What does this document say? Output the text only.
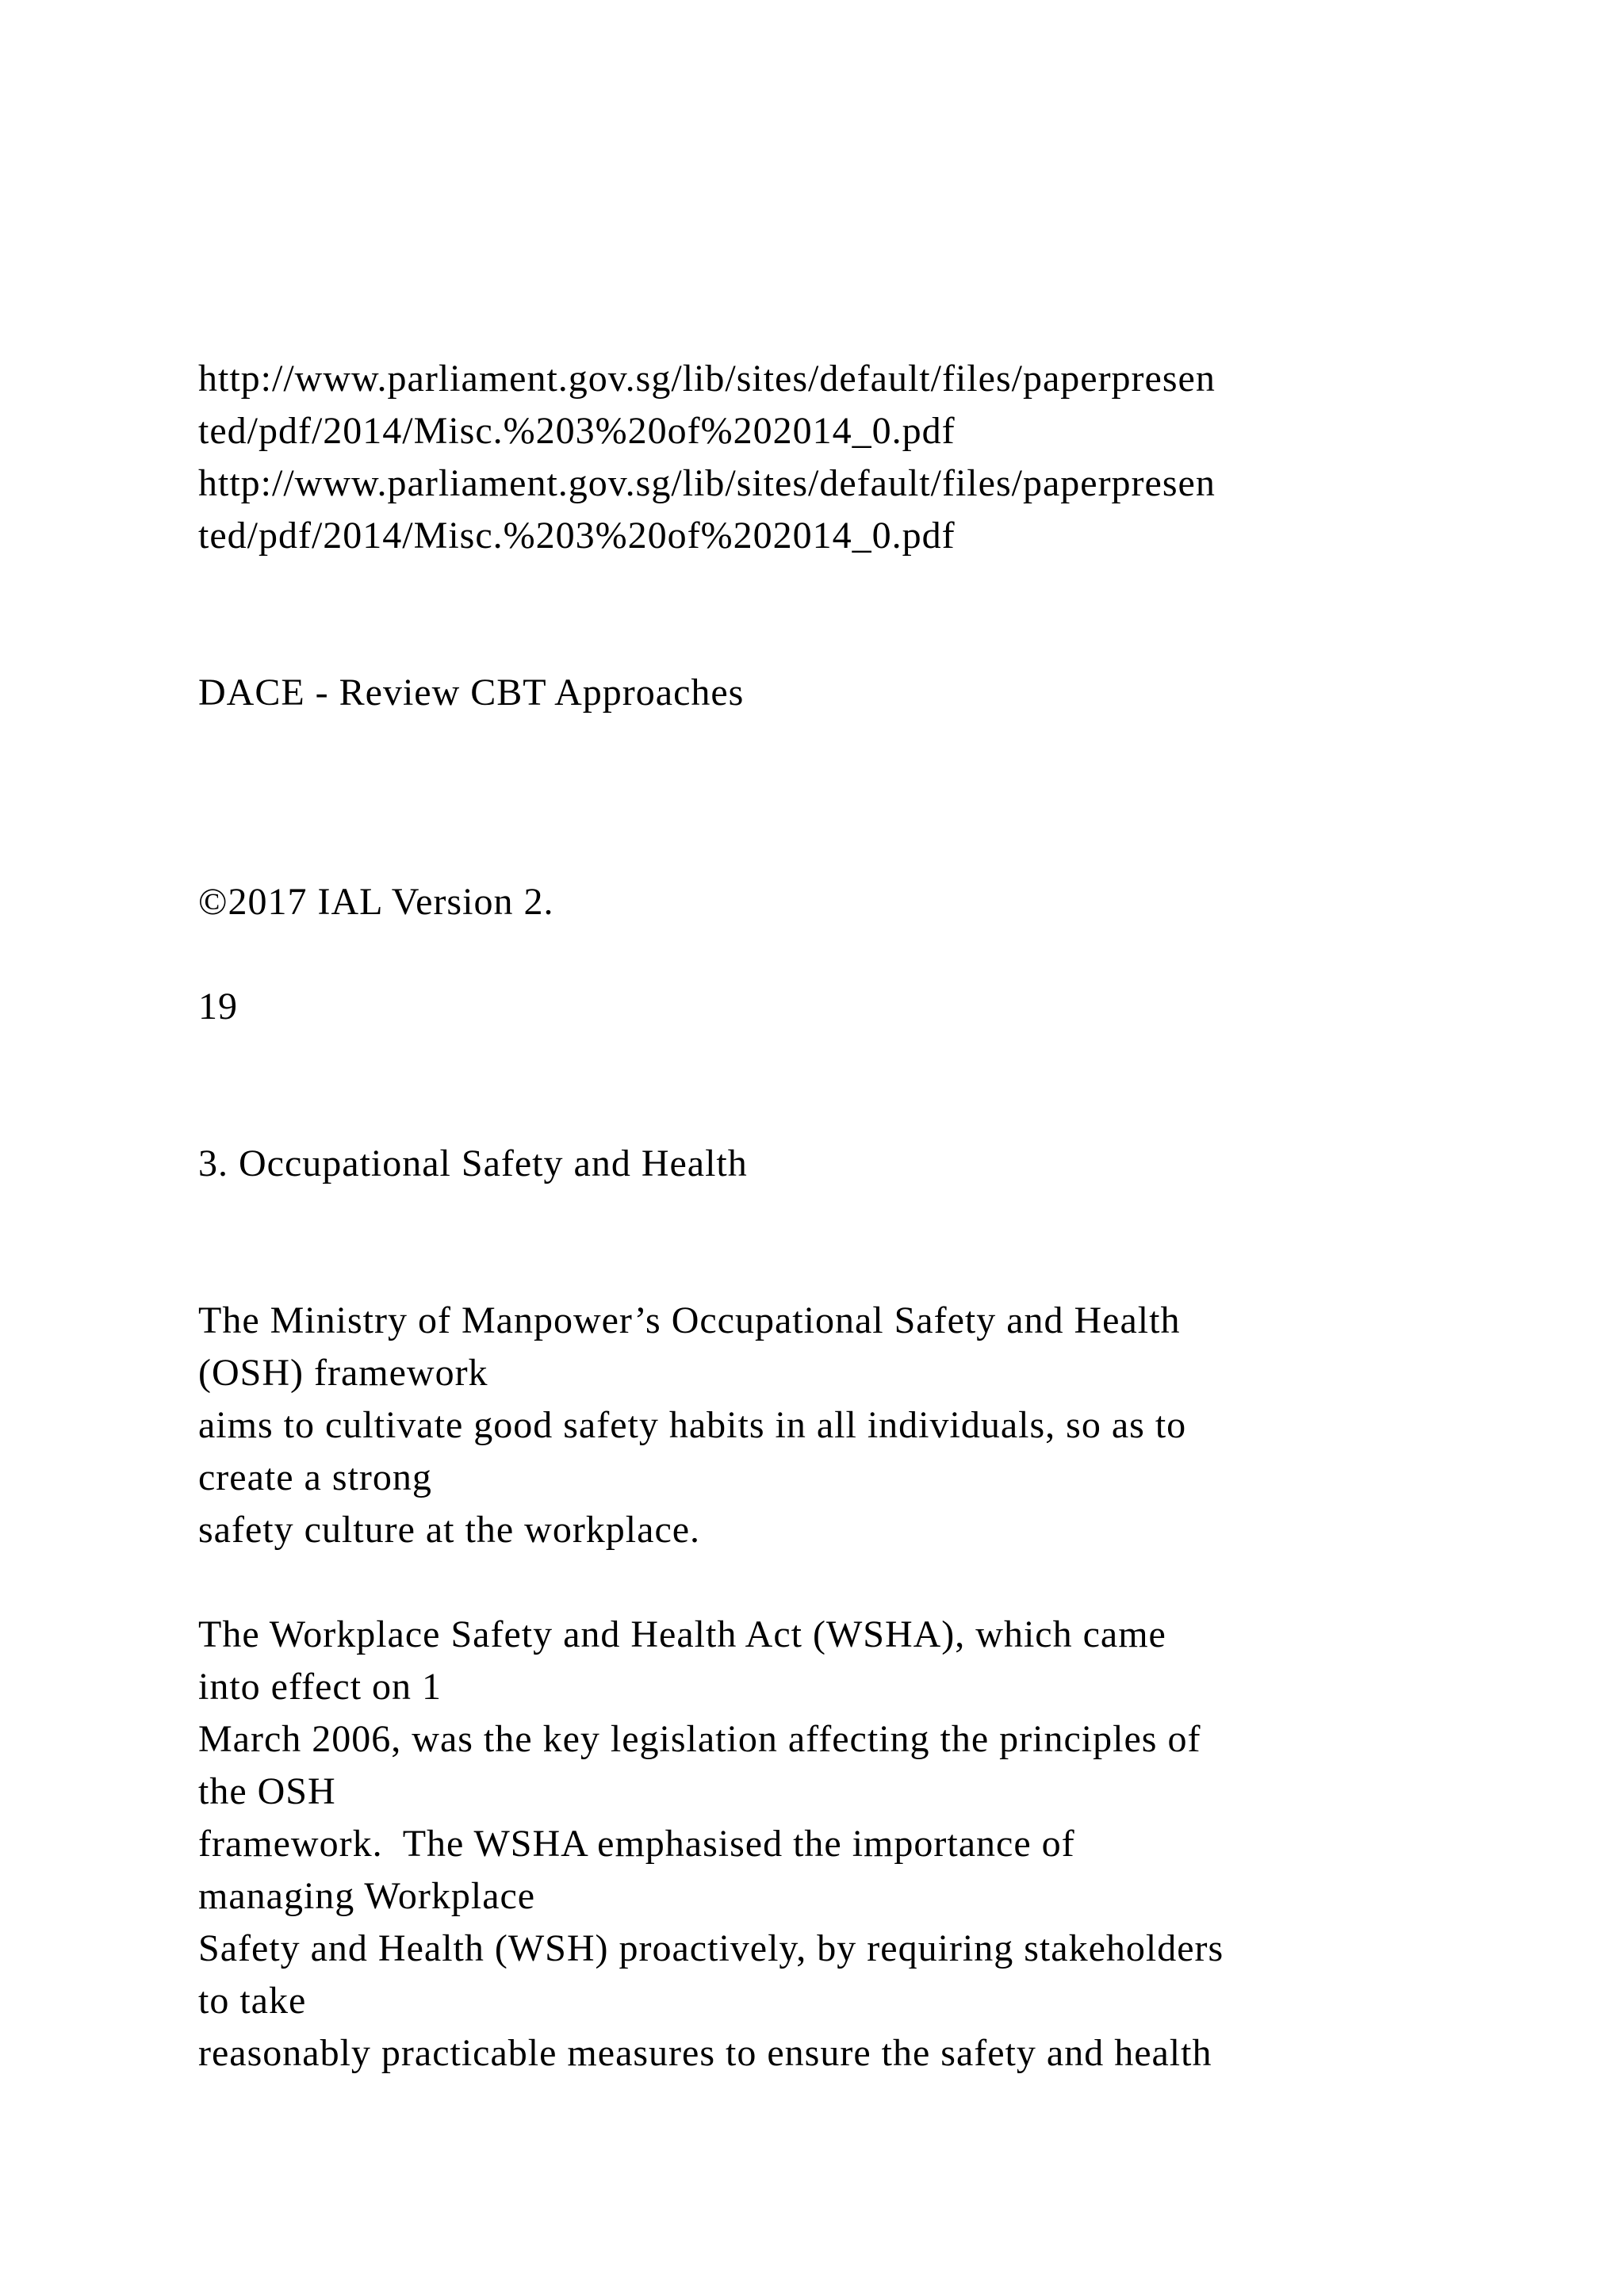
http://www.parliament.gov.sg/lib/sites/default/files/paperpresen
ted/pdf/2014/Misc.%203%20of%202014_0.pdf
http://www.parliament.gov.sg/lib/sites/default/files/paperpresen
ted/pdf/2014/Misc.%203%20of%202014_0.pdf
DACE - Review CBT Approaches
©2017 IAL Version 2.
19
3. Occupational Safety and Health
The Ministry of Manpower’s Occupational Safety and Health
(OSH) framework
aims to cultivate good safety habits in all individuals, so as to
create a strong
safety culture at the workplace.
The Workplace Safety and Health Act (WSHA), which came
into effect on 1
March 2006, was the key legislation affecting the principles of
the OSH
framework.  The WSHA emphasised the importance of
managing Workplace
Safety and Health (WSH) proactively, by requiring stakeholders
to take
reasonably practicable measures to ensure the safety and health
